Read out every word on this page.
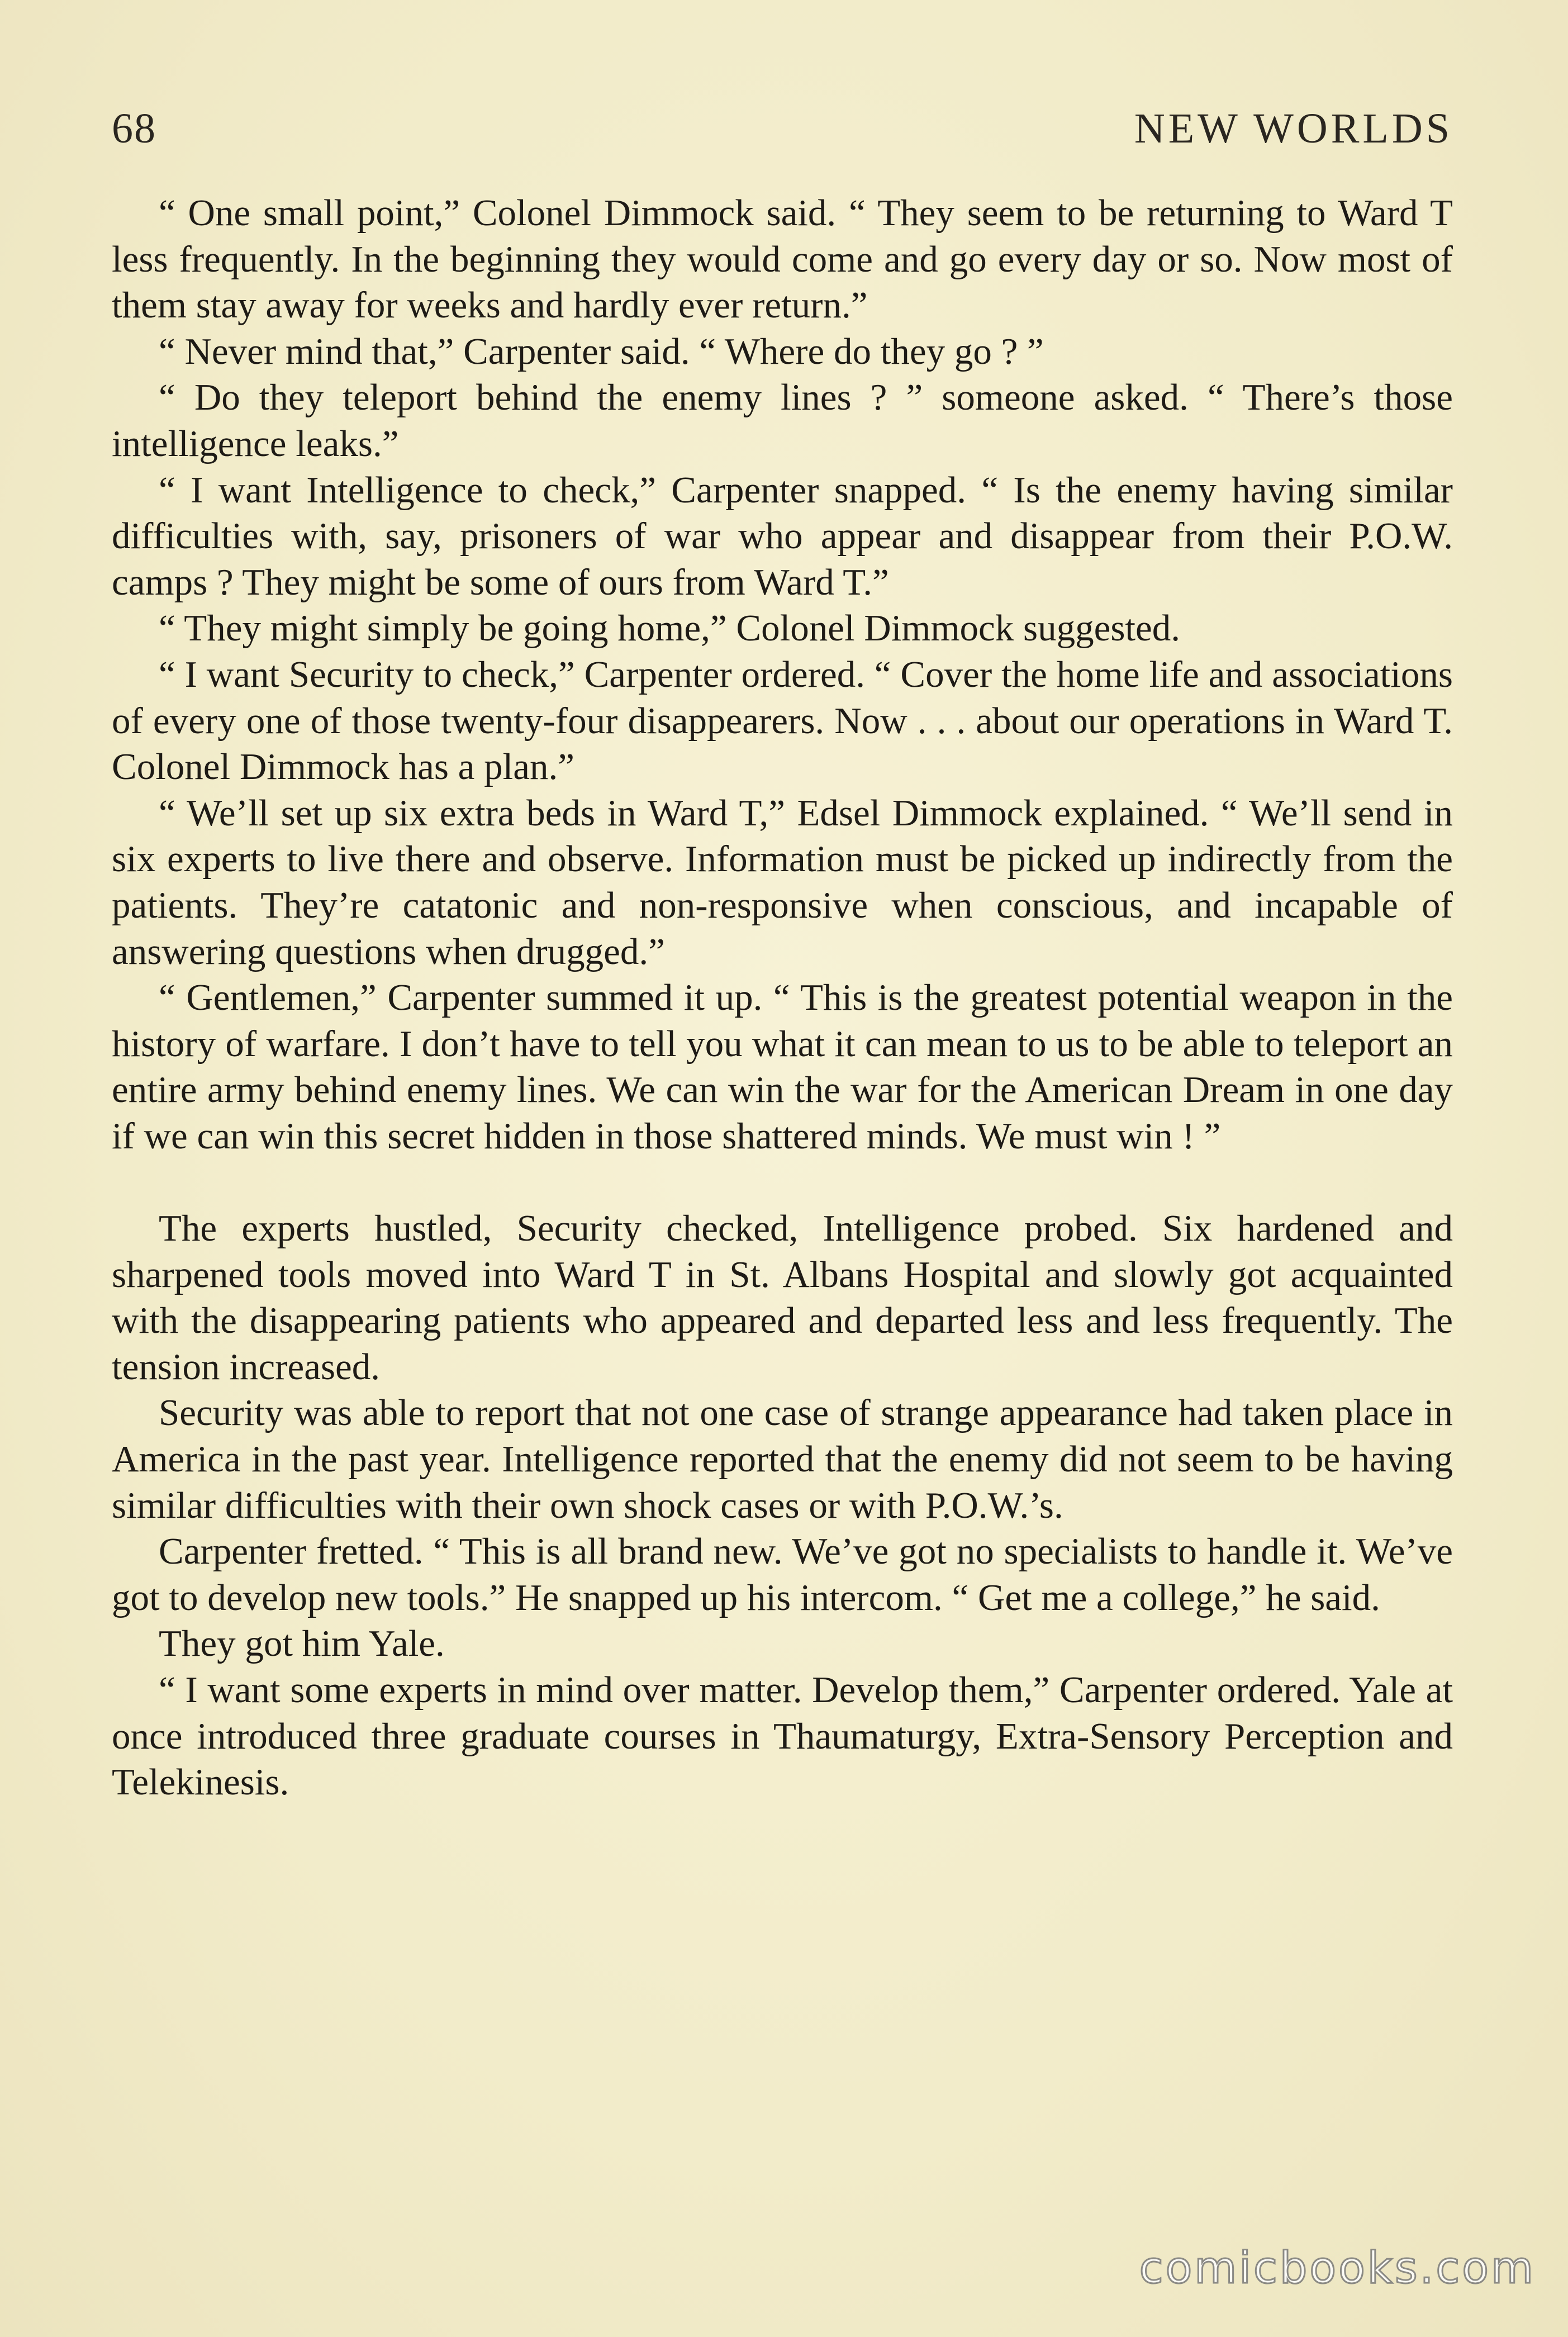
68	NEW WORLDS

“ One small point,” Colonel Dimmock said. “ They seem to be returning to Ward T less frequently. In the beginning they would come and go every day or so. Now most of them stay away for weeks and hardly ever return.”

“ Never mind that,” Carpenter said. “ Where do they go ? ”

“ Do they teleport behind the enemy lines ? ” someone asked. “ There’s those intelligence leaks.”

“ I want Intelligence to check,” Carpenter snapped. “ Is the enemy having similar difficulties with, say, prisoners of war who appear and disappear from their P.O.W. camps ? They might be some of ours from Ward T.”

“ They might simply be going home,” Colonel Dimmock suggested.

“ I want Security to check,” Carpenter ordered. “ Cover the home life and associations of every one of those twenty-four disappearers. Now . . . about our operations in Ward T. Colonel Dimmock has a plan.”

“ We’ll set up six extra beds in Ward T,” Edsel Dimmock explained. “ We’ll send in six experts to live there and observe. Information must be picked up indirectly from the patients. They’re catatonic and non-responsive when conscious, and incapable of answering questions when drugged.”

“ Gentlemen,” Carpenter summed it up. “ This is the greatest potential weapon in the history of warfare. I don’t have to tell you what it can mean to us to be able to teleport an entire army behind enemy lines. We can win the war for the American Dream in one day if we can win this secret hidden in those shattered minds. We must win ! ”

The experts hustled, Security checked, Intelligence probed. Six hardened and sharpened tools moved into Ward T in St. Albans Hospital and slowly got acquainted with the disappearing patients who appeared and departed less and less frequently. The tension increased.

Security was able to report that not one case of strange appearance had taken place in America in the past year. Intelligence reported that the enemy did not seem to be having similar difficulties with their own shock cases or with P.O.W.’s.

Carpenter fretted. “ This is all brand new. We’ve got no specialists to handle it. We’ve got to develop new tools.” He snapped up his intercom. “ Get me a college,” he said.

They got him Yale.

“ I want some experts in mind over matter. Develop them,” Carpenter ordered. Yale at once introduced three graduate courses in Thaumaturgy, Extra-Sensory Perception and Telekinesis.

comicbooks.com
